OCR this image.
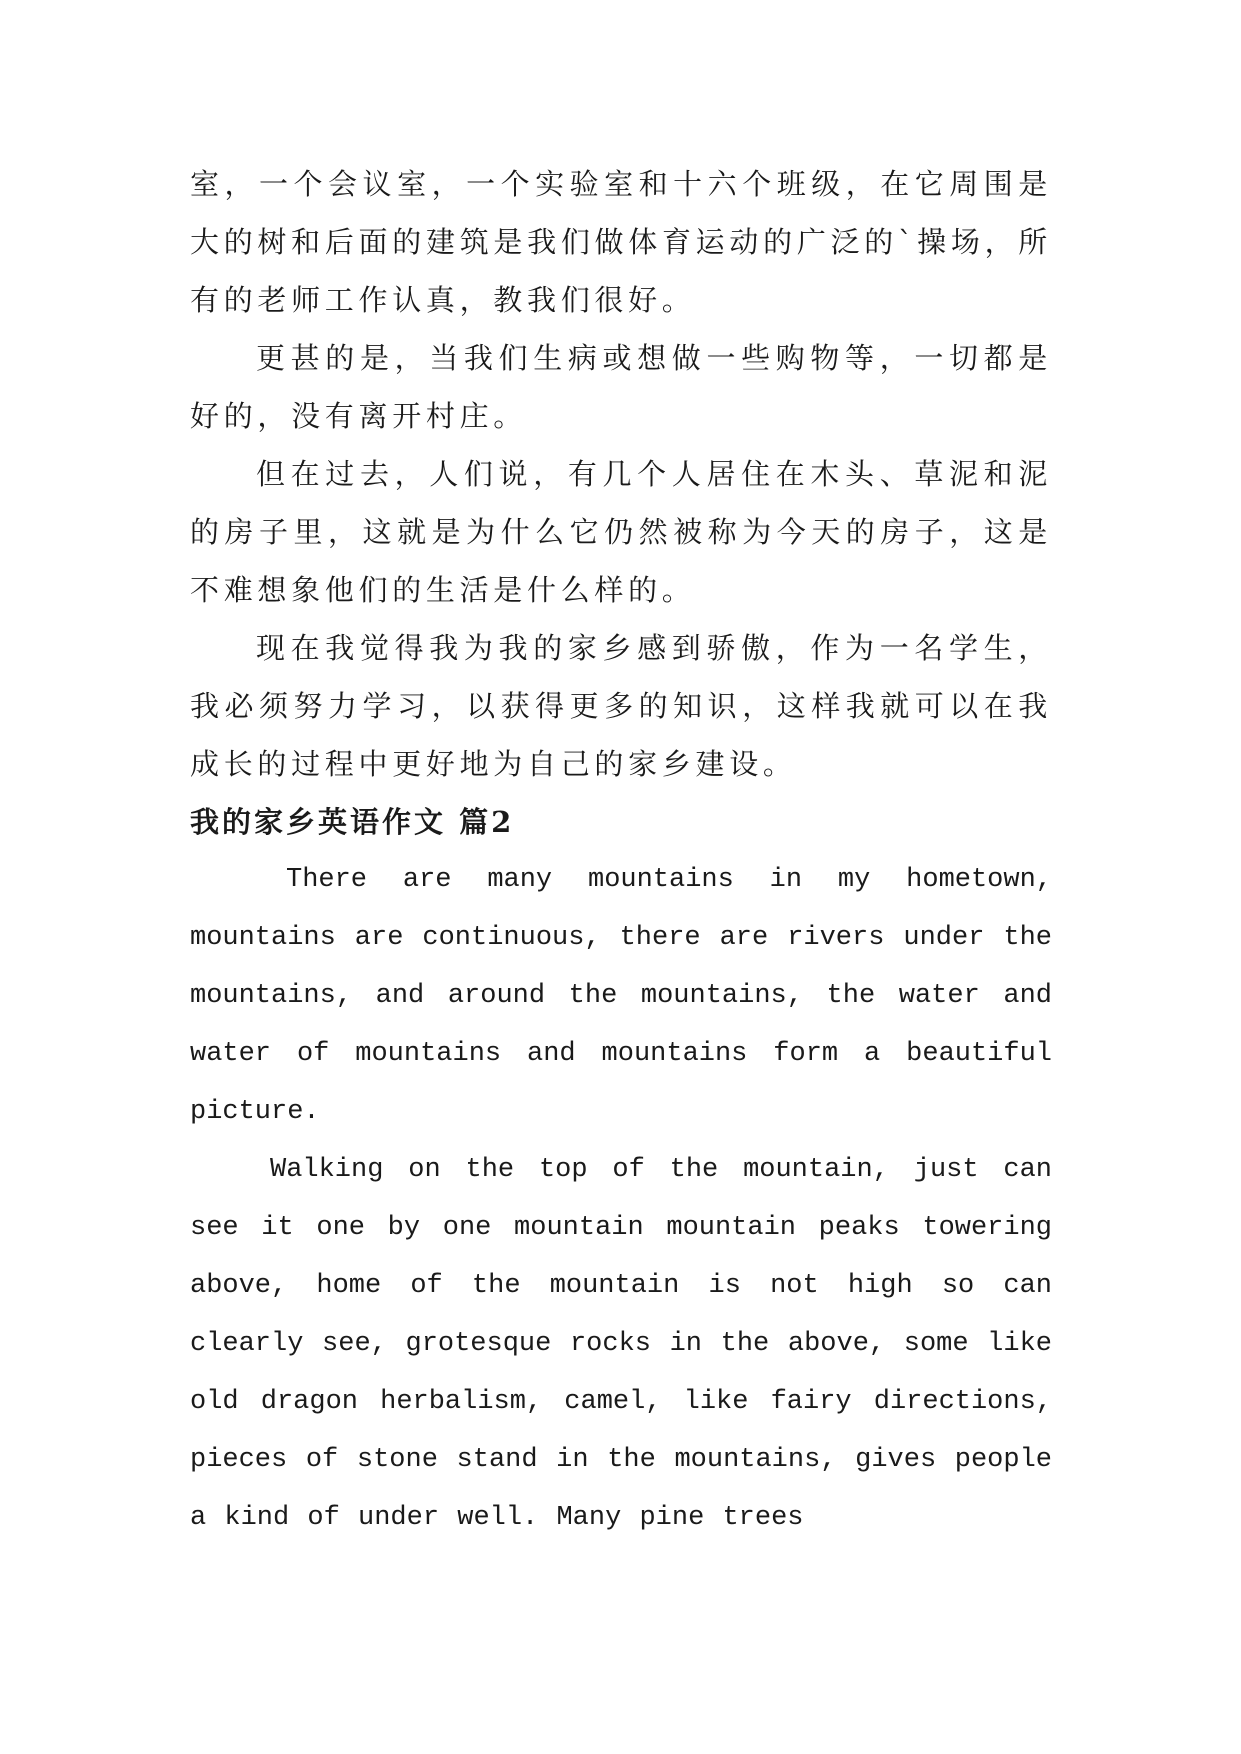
室，一个会议室，一个实验室和十六个班级，在它周围是大的树和后面的建筑是我们做体育运动的广泛的`操场，所有的老师工作认真，教我们很好。

更甚的是，当我们生病或想做一些购物等，一切都是好的，没有离开村庄。

但在过去，人们说，有几个人居住在木头、草泥和泥的房子里，这就是为什么它仍然被称为今天的房子，这是不难想象他们的生活是什么样的。

现在我觉得我为我的家乡感到骄傲，作为一名学生，我必须努力学习，以获得更多的知识，这样我就可以在我成长的过程中更好地为自己的家乡建设。

我的家乡英语作文 篇2

There are many mountains in my hometown, mountains are continuous, there are rivers under the mountains, and around the mountains, the water and water of mountains and mountains form a beautiful picture.

Walking on the top of the mountain, just can see it one by one mountain mountain peaks towering above, home of the mountain is not high so can clearly see, grotesque rocks in the above, some like old dragon herbalism, camel, like fairy directions, pieces of stone stand in the mountains, gives people a kind of under well. Many pine trees
